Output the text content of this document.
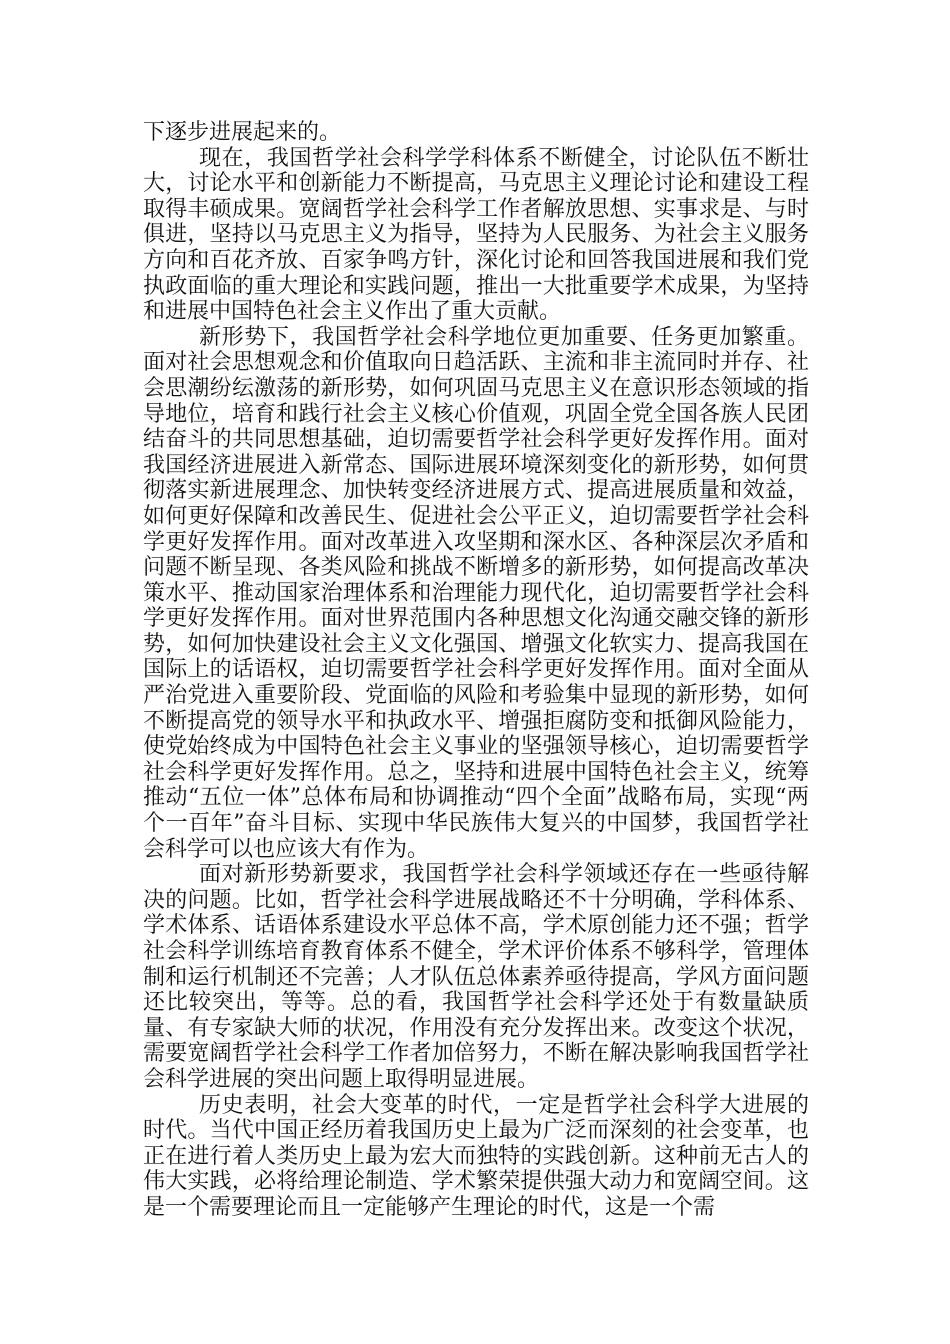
下逐步进展起来的。

现在，我国哲学社会科学学科体系不断健全，讨论队伍不断壮大，讨论水平和创新能力不断提高，马克思主义理论讨论和建设工程取得丰硕成果。宽阔哲学社会科学工作者解放思想、实事求是、与时俱进，坚持以马克思主义为指导，坚持为人民服务、为社会主义服务方向和百花齐放、百家争鸣方针，深化讨论和回答我国进展和我们党执政面临的重大理论和实践问题，推出一大批重要学术成果，为坚持和进展中国特色社会主义作出了重大贡献。

新形势下，我国哲学社会科学地位更加重要、任务更加繁重。面对社会思想观念和价值取向日趋活跃、主流和非主流同时并存、社会思潮纷纭激荡的新形势，如何巩固马克思主义在意识形态领域的指导地位，培育和践行社会主义核心价值观，巩固全党全国各族人民团结奋斗的共同思想基础，迫切需要哲学社会科学更好发挥作用。面对我国经济进展进入新常态、国际进展环境深刻变化的新形势，如何贯彻落实新进展理念、加快转变经济进展方式、提高进展质量和效益，如何更好保障和改善民生、促进社会公平正义，迫切需要哲学社会科学更好发挥作用。面对改革进入攻坚期和深水区、各种深层次矛盾和问题不断呈现、各类风险和挑战不断增多的新形势，如何提高改革决策水平、推动国家治理体系和治理能力现代化，迫切需要哲学社会科学更好发挥作用。面对世界范围内各种思想文化沟通交融交锋的新形势，如何加快建设社会主义文化强国、增强文化软实力、提高我国在国际上的话语权，迫切需要哲学社会科学更好发挥作用。面对全面从严治党进入重要阶段、党面临的风险和考验集中显现的新形势，如何不断提高党的领导水平和执政水平、增强拒腐防变和抵御风险能力，使党始终成为中国特色社会主义事业的坚强领导核心，迫切需要哲学社会科学更好发挥作用。总之，坚持和进展中国特色社会主义，统筹推动“五位一体”总体布局和协调推动“四个全面”战略布局，实现“两个一百年”奋斗目标、实现中华民族伟大复兴的中国梦，我国哲学社会科学可以也应该大有作为。

面对新形势新要求，我国哲学社会科学领域还存在一些亟待解决的问题。比如，哲学社会科学进展战略还不十分明确，学科体系、学术体系、话语体系建设水平总体不高，学术原创能力还不强；哲学社会科学训练培育教育体系不健全，学术评价体系不够科学，管理体制和运行机制还不完善；人才队伍总体素养亟待提高，学风方面问题还比较突出，等等。总的看，我国哲学社会科学还处于有数量缺质量、有专家缺大师的状况，作用没有充分发挥出来。改变这个状况，需要宽阔哲学社会科学工作者加倍努力，不断在解决影响我国哲学社会科学进展的突出问题上取得明显进展。

历史表明，社会大变革的时代，一定是哲学社会科学大进展的时代。当代中国正经历着我国历史上最为广泛而深刻的社会变革，也正在进行着人类历史上最为宏大而独特的实践创新。这种前无古人的伟大实践，必将给理论制造、学术繁荣提供强大动力和宽阔空间。这是一个需要理论而且一定能够产生理论的时代，这是一个需
